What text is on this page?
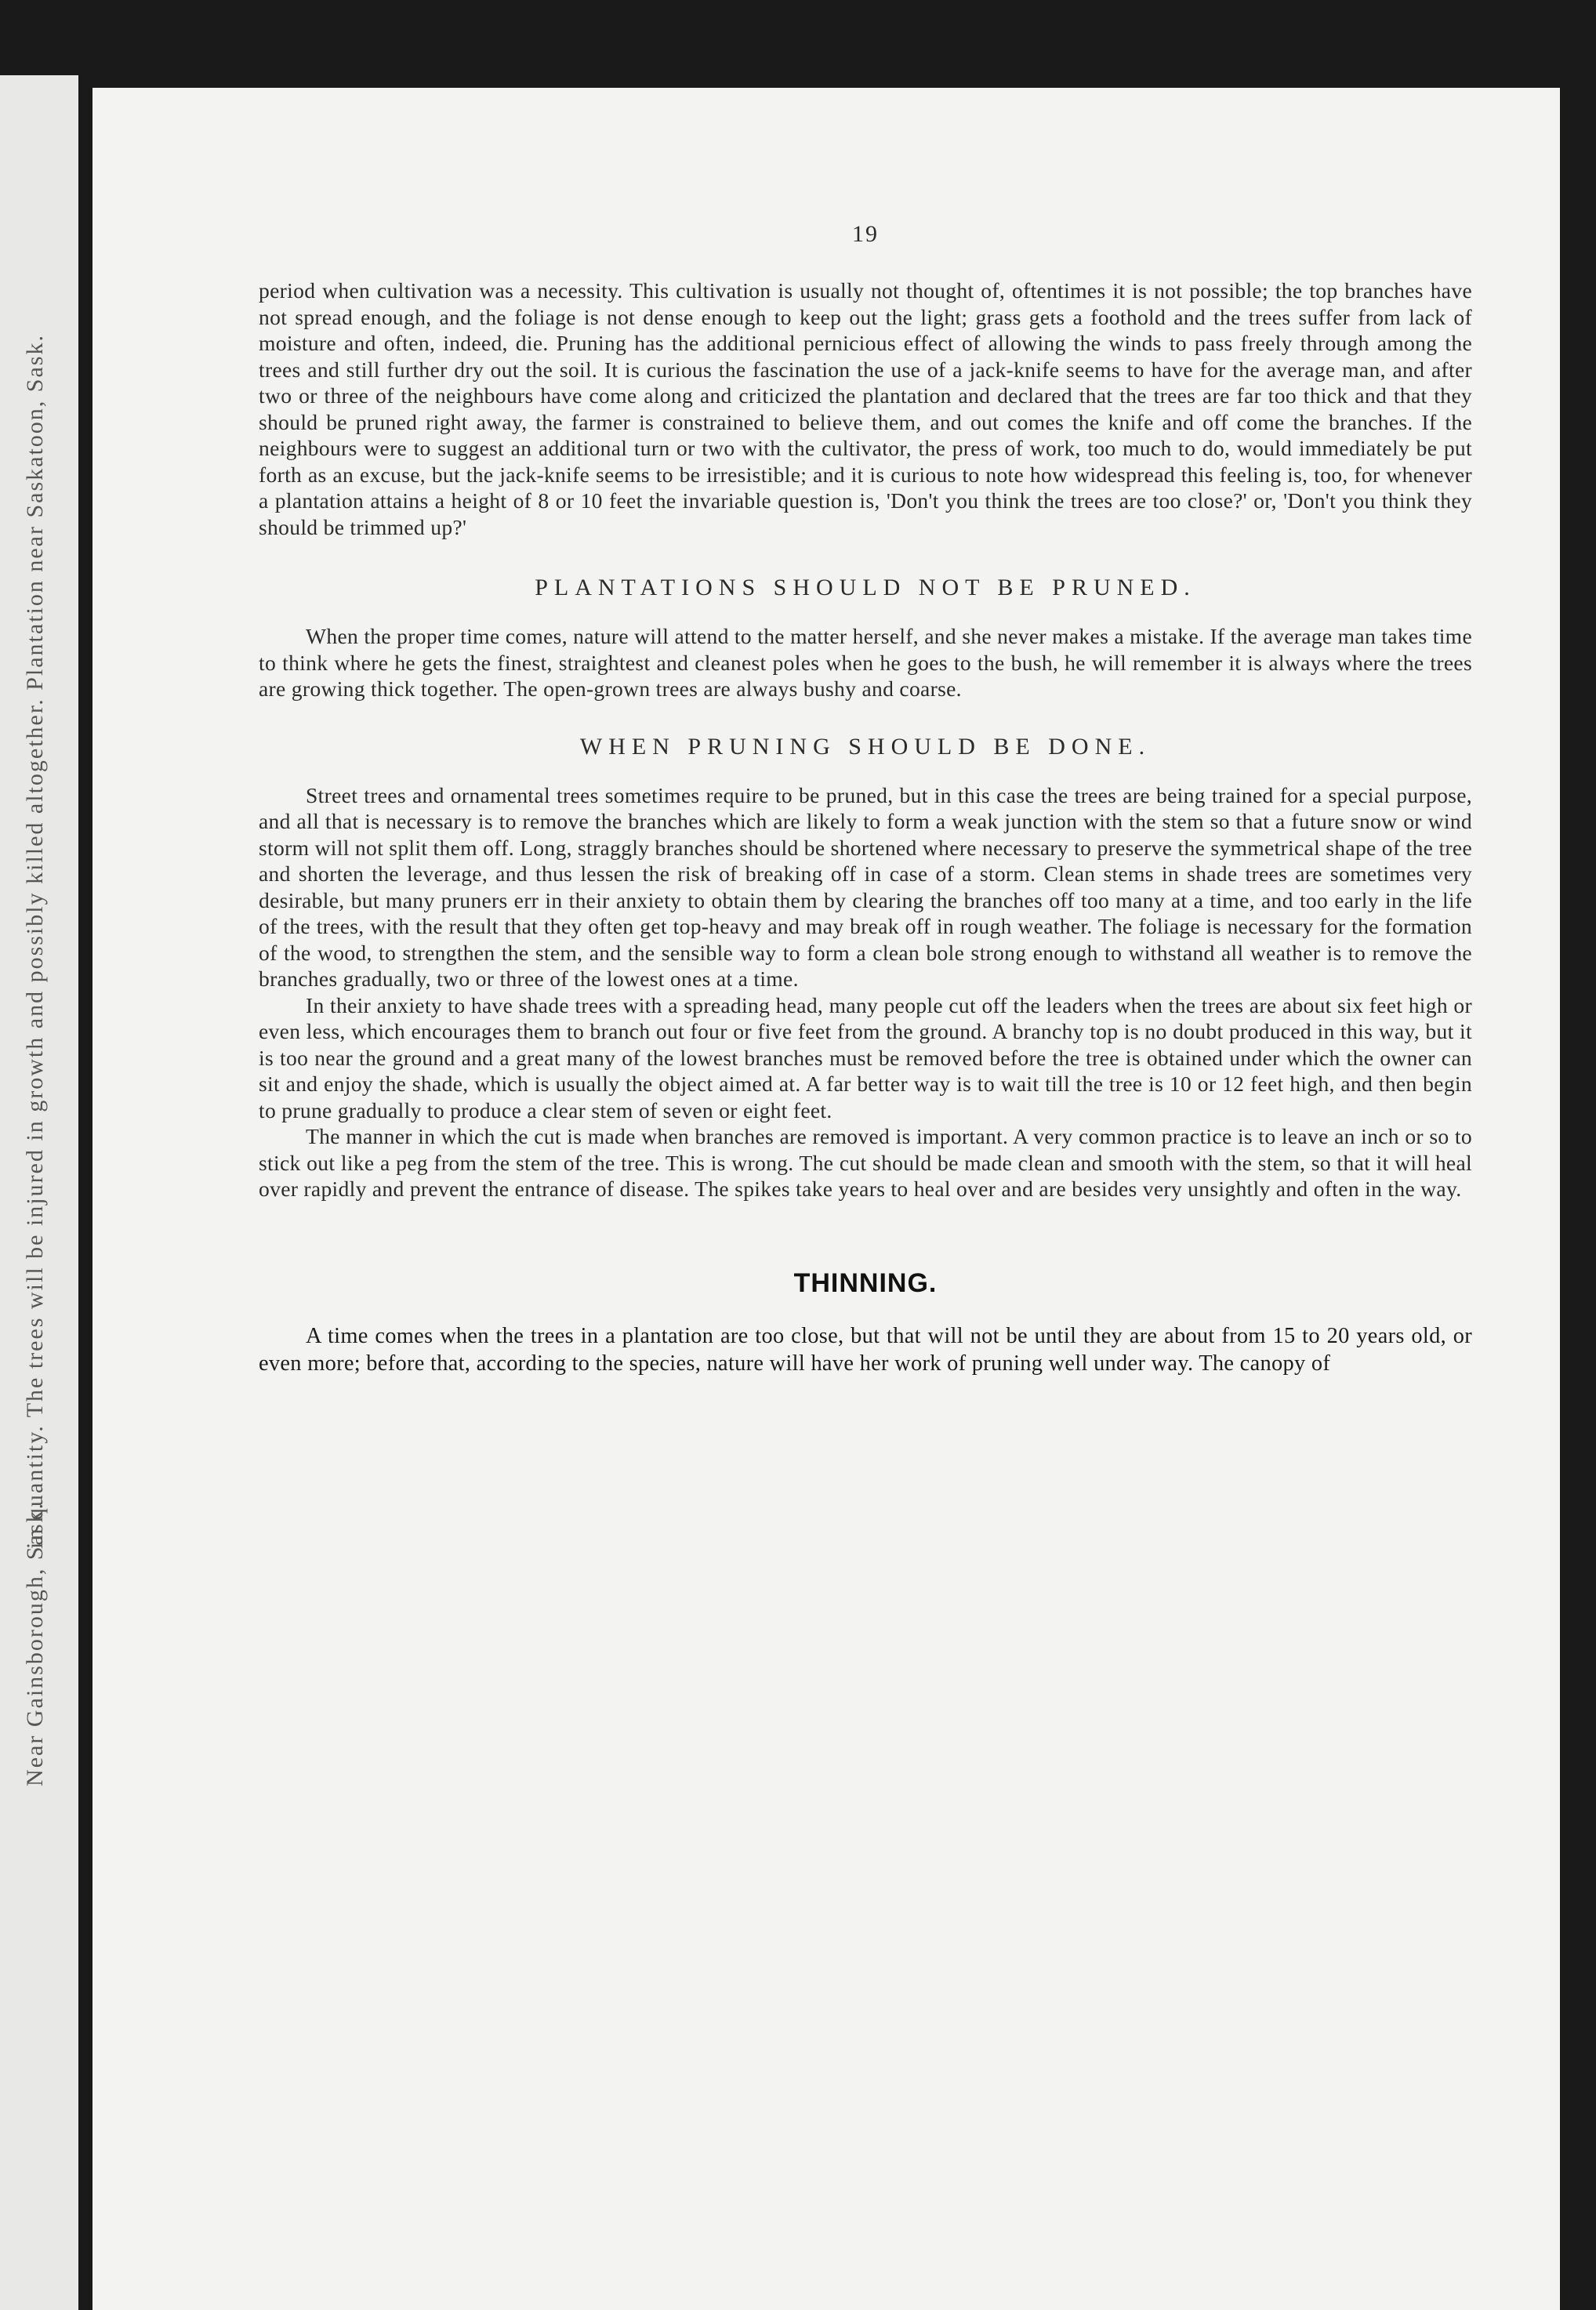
in quantity. The trees will be injured in growth and possibly killed altogether. Plantation near Saskatoon, Sask.
Near Gainsborough, Sask.
19

period when cultivation was a necessity. This cultivation is usually not thought of, oftentimes it is not possible; the top branches have not spread enough, and the foliage is not dense enough to keep out the light; grass gets a foothold and the trees suffer from lack of moisture and often, indeed, die. Pruning has the additional pernicious effect of allowing the winds to pass freely through among the trees and still further dry out the soil. It is curious the fascination the use of a jack-knife seems to have for the average man, and after two or three of the neighbours have come along and criticized the plantation and declared that the trees are far too thick and that they should be pruned right away, the farmer is constrained to believe them, and out comes the knife and off come the branches. If the neighbours were to suggest an additional turn or two with the cultivator, the press of work, too much to do, would immediately be put forth as an excuse, but the jack-knife seems to be irresistible; and it is curious to note how widespread this feeling is, too, for whenever a plantation attains a height of 8 or 10 feet the invariable question is, 'Don't you think the trees are too close?' or, 'Don't you think they should be trimmed up?'

PLANTATIONS SHOULD NOT BE PRUNED.

When the proper time comes, nature will attend to the matter herself, and she never makes a mistake. If the average man takes time to think where he gets the finest, straightest and cleanest poles when he goes to the bush, he will remember it is always where the trees are growing thick together. The open-grown trees are always bushy and coarse.

WHEN PRUNING SHOULD BE DONE.

Street trees and ornamental trees sometimes require to be pruned, but in this case the trees are being trained for a special purpose, and all that is necessary is to remove the branches which are likely to form a weak junction with the stem so that a future snow or wind storm will not split them off. Long, straggly branches should be shortened where necessary to preserve the symmetrical shape of the tree and shorten the leverage, and thus lessen the risk of breaking off in case of a storm. Clean stems in shade trees are sometimes very desirable, but many pruners err in their anxiety to obtain them by clearing the branches off too many at a time, and too early in the life of the trees, with the result that they often get top-heavy and may break off in rough weather. The foliage is necessary for the formation of the wood, to strengthen the stem, and the sensible way to form a clean bole strong enough to withstand all weather is to remove the branches gradually, two or three of the lowest ones at a time.

In their anxiety to have shade trees with a spreading head, many people cut off the leaders when the trees are about six feet high or even less, which encourages them to branch out four or five feet from the ground. A branchy top is no doubt produced in this way, but it is too near the ground and a great many of the lowest branches must be removed before the tree is obtained under which the owner can sit and enjoy the shade, which is usually the object aimed at. A far better way is to wait till the tree is 10 or 12 feet high, and then begin to prune gradually to produce a clear stem of seven or eight feet.

The manner in which the cut is made when branches are removed is important. A very common practice is to leave an inch or so to stick out like a peg from the stem of the tree. This is wrong. The cut should be made clean and smooth with the stem, so that it will heal over rapidly and prevent the entrance of disease. The spikes take years to heal over and are besides very unsightly and often in the way.

THINNING.

A time comes when the trees in a plantation are too close, but that will not be until they are about from 15 to 20 years old, or even more; before that, according to the species, nature will have her work of pruning well under way. The canopy of
